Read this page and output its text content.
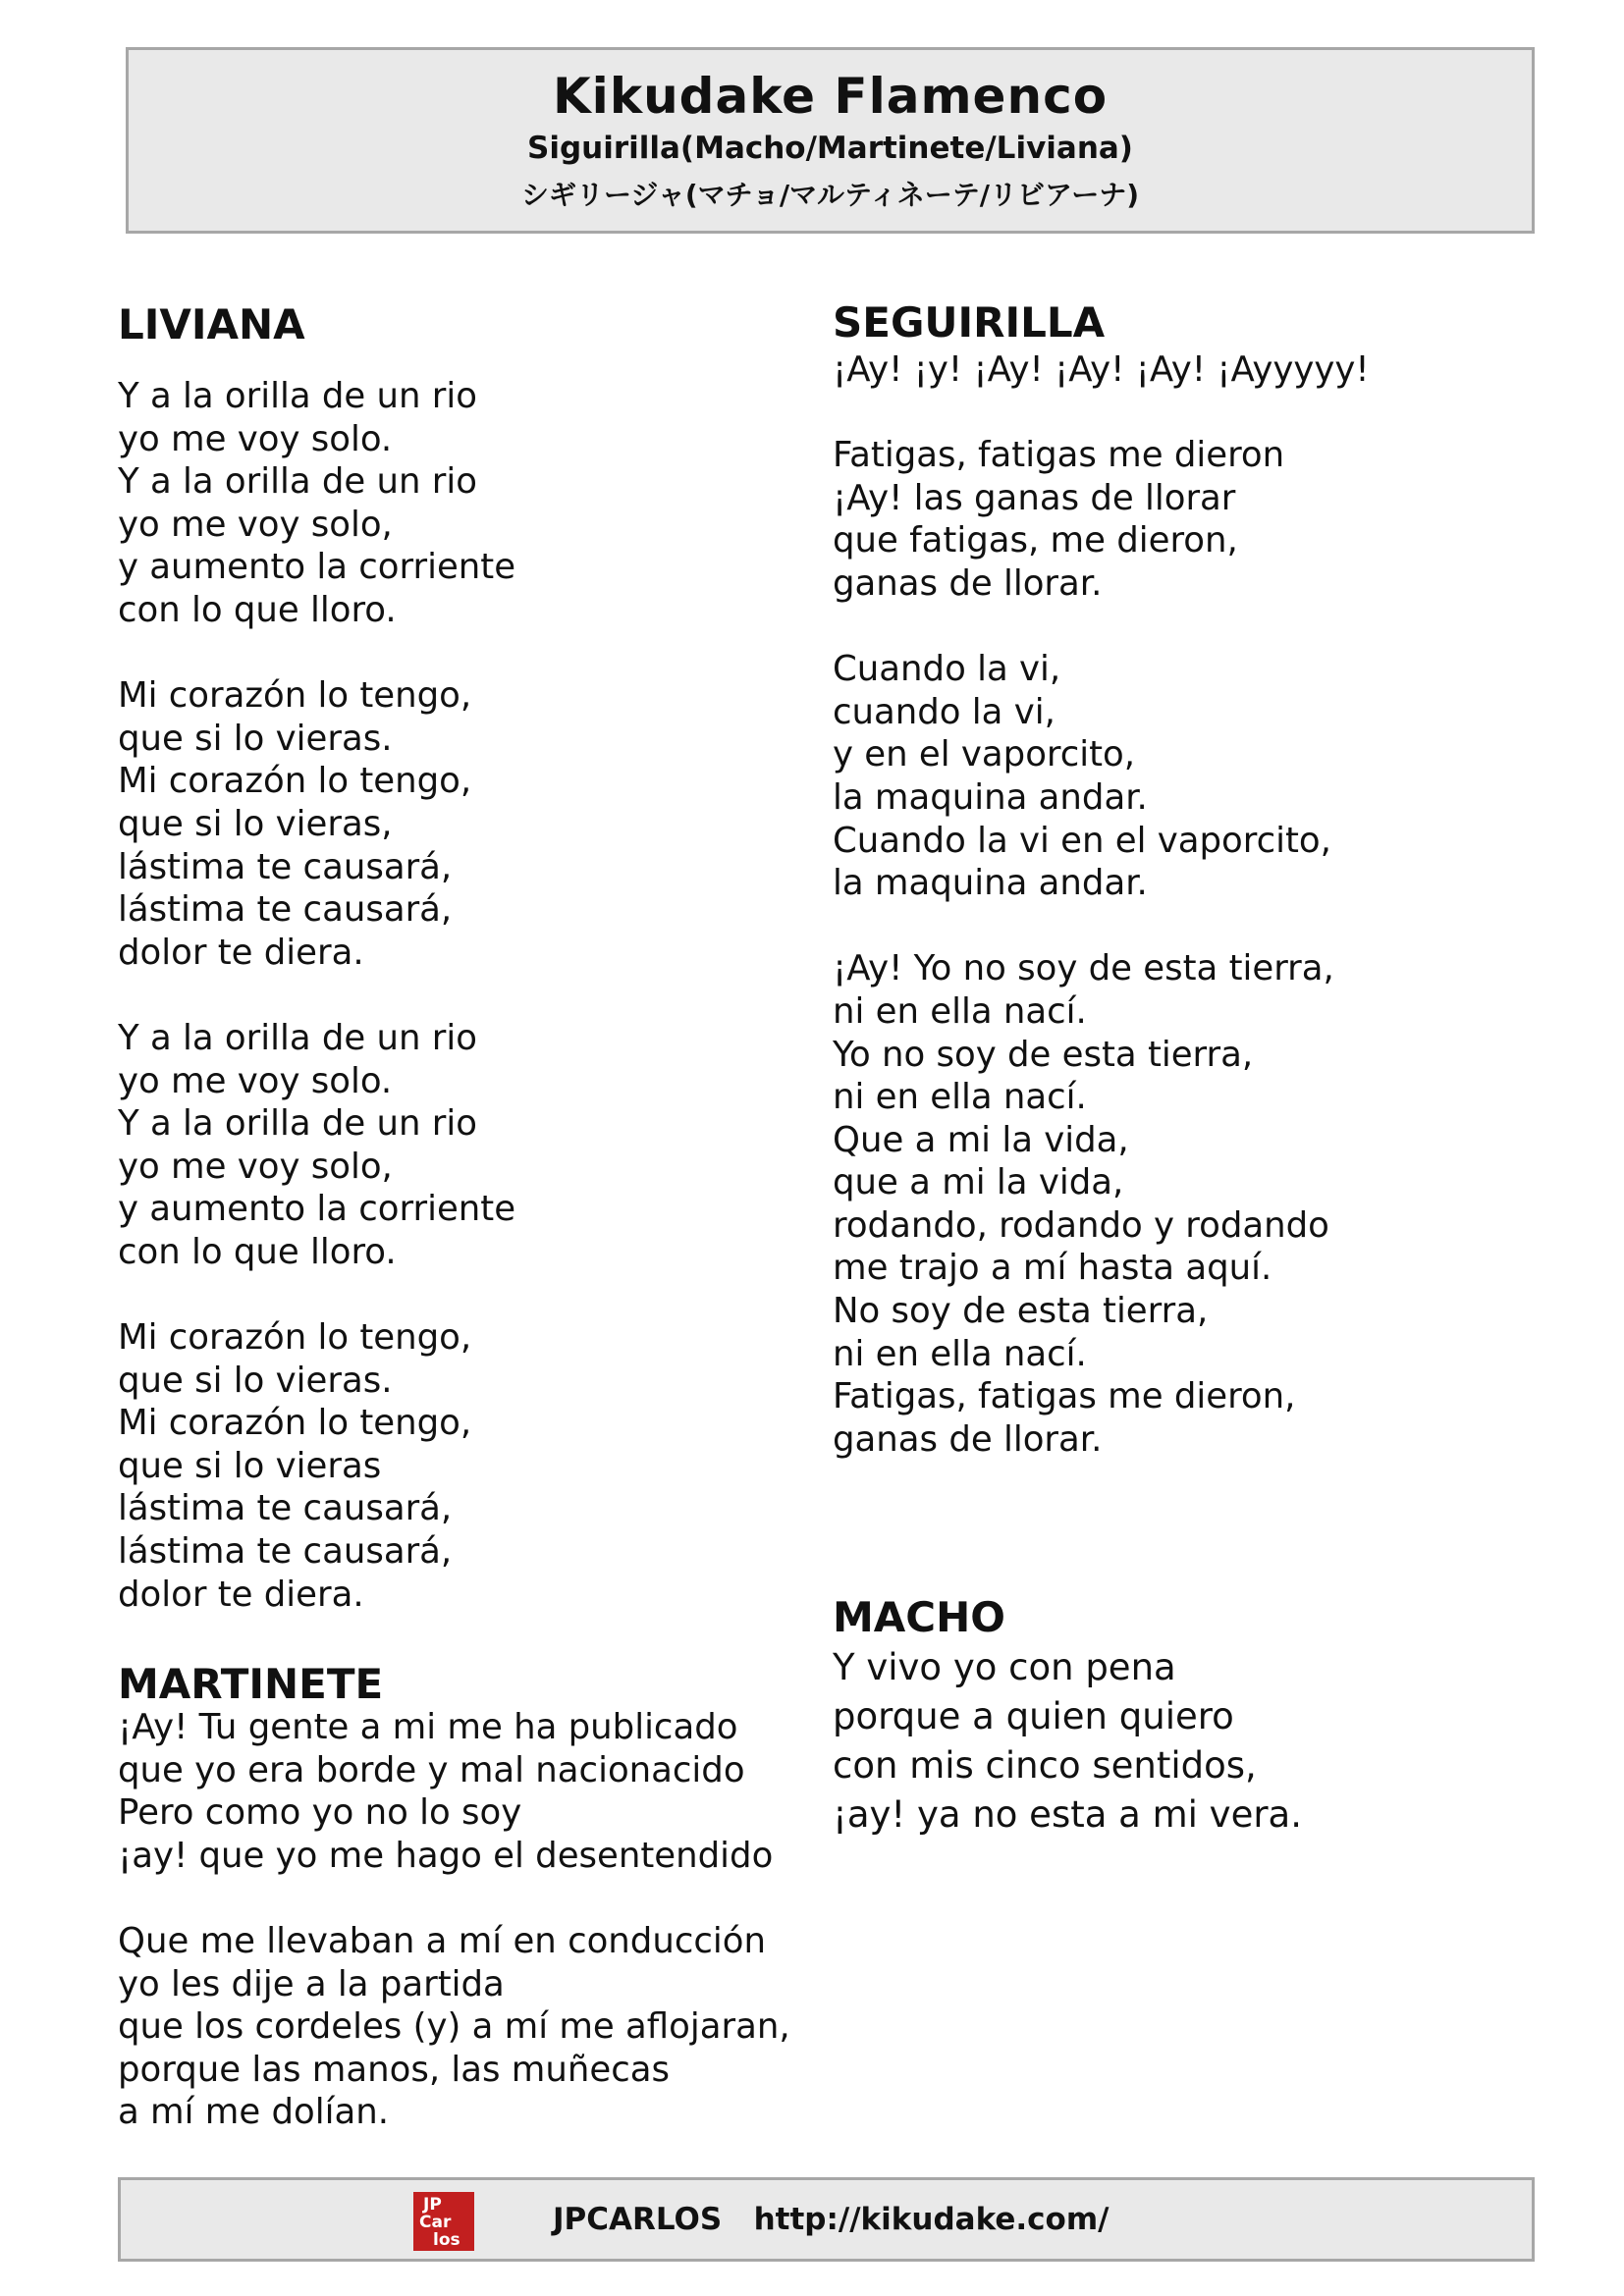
Kikudake Flamenco
Siguirilla(Macho/Martinete/Liviana)
シギリージャ(マチョ/マルティネーテ/リビアーナ)
LIVIANA
Y a la orilla de un rio
yo me voy solo.
Y a la orilla de un rio
yo me voy solo,
y aumento la corriente
con lo que lloro.
Mi corazón lo tengo,
que si lo vieras.
Mi corazón lo tengo,
que si lo vieras,
lástima te causará,
lástima te causará,
dolor te diera.
Y a la orilla de un rio
yo me voy solo.
Y a la orilla de un rio
yo me voy solo,
y aumento la corriente
con lo que lloro.
Mi corazón lo tengo,
que si lo vieras.
Mi corazón lo tengo,
que si lo vieras
lástima te causará,
lástima te causará,
dolor te diera.
MARTINETE
¡Ay! Tu gente a mi me ha publicado
que yo era borde y mal nacionacido
Pero como yo no lo soy
¡ay! que yo me hago el desentendido
Que me llevaban a mí en conducción
yo les dije a la partida
que los cordeles (y) a mí me aflojaran,
porque las manos, las muñecas
a mí me dolían.
SEGUIRILLA
¡Ay! ¡y! ¡Ay! ¡Ay! ¡Ay! ¡Ayyyyy!
Fatigas, fatigas me dieron
¡Ay! las ganas de llorar
que fatigas, me dieron,
ganas de llorar.
Cuando la vi,
cuando la vi,
y en el vaporcito,
la maquina andar.
Cuando la vi en el vaporcito,
la maquina andar.
¡Ay! Yo no soy de esta tierra,
ni en ella nací.
Yo no soy de esta tierra,
ni en ella nací.
Que a mi la vida,
que a mi la vida,
rodando, rodando y rodando
me trajo a mí hasta aquí.
No soy de esta tierra,
ni en ella nací.
Fatigas, fatigas me dieron,
ganas de llorar.
MACHO
Y vivo yo con pena
porque a quien quiero
con mis cinco sentidos,
¡ay! ya no esta a mi vera.
JP
Car
los
JPCARLOS http://kikudake.com/
